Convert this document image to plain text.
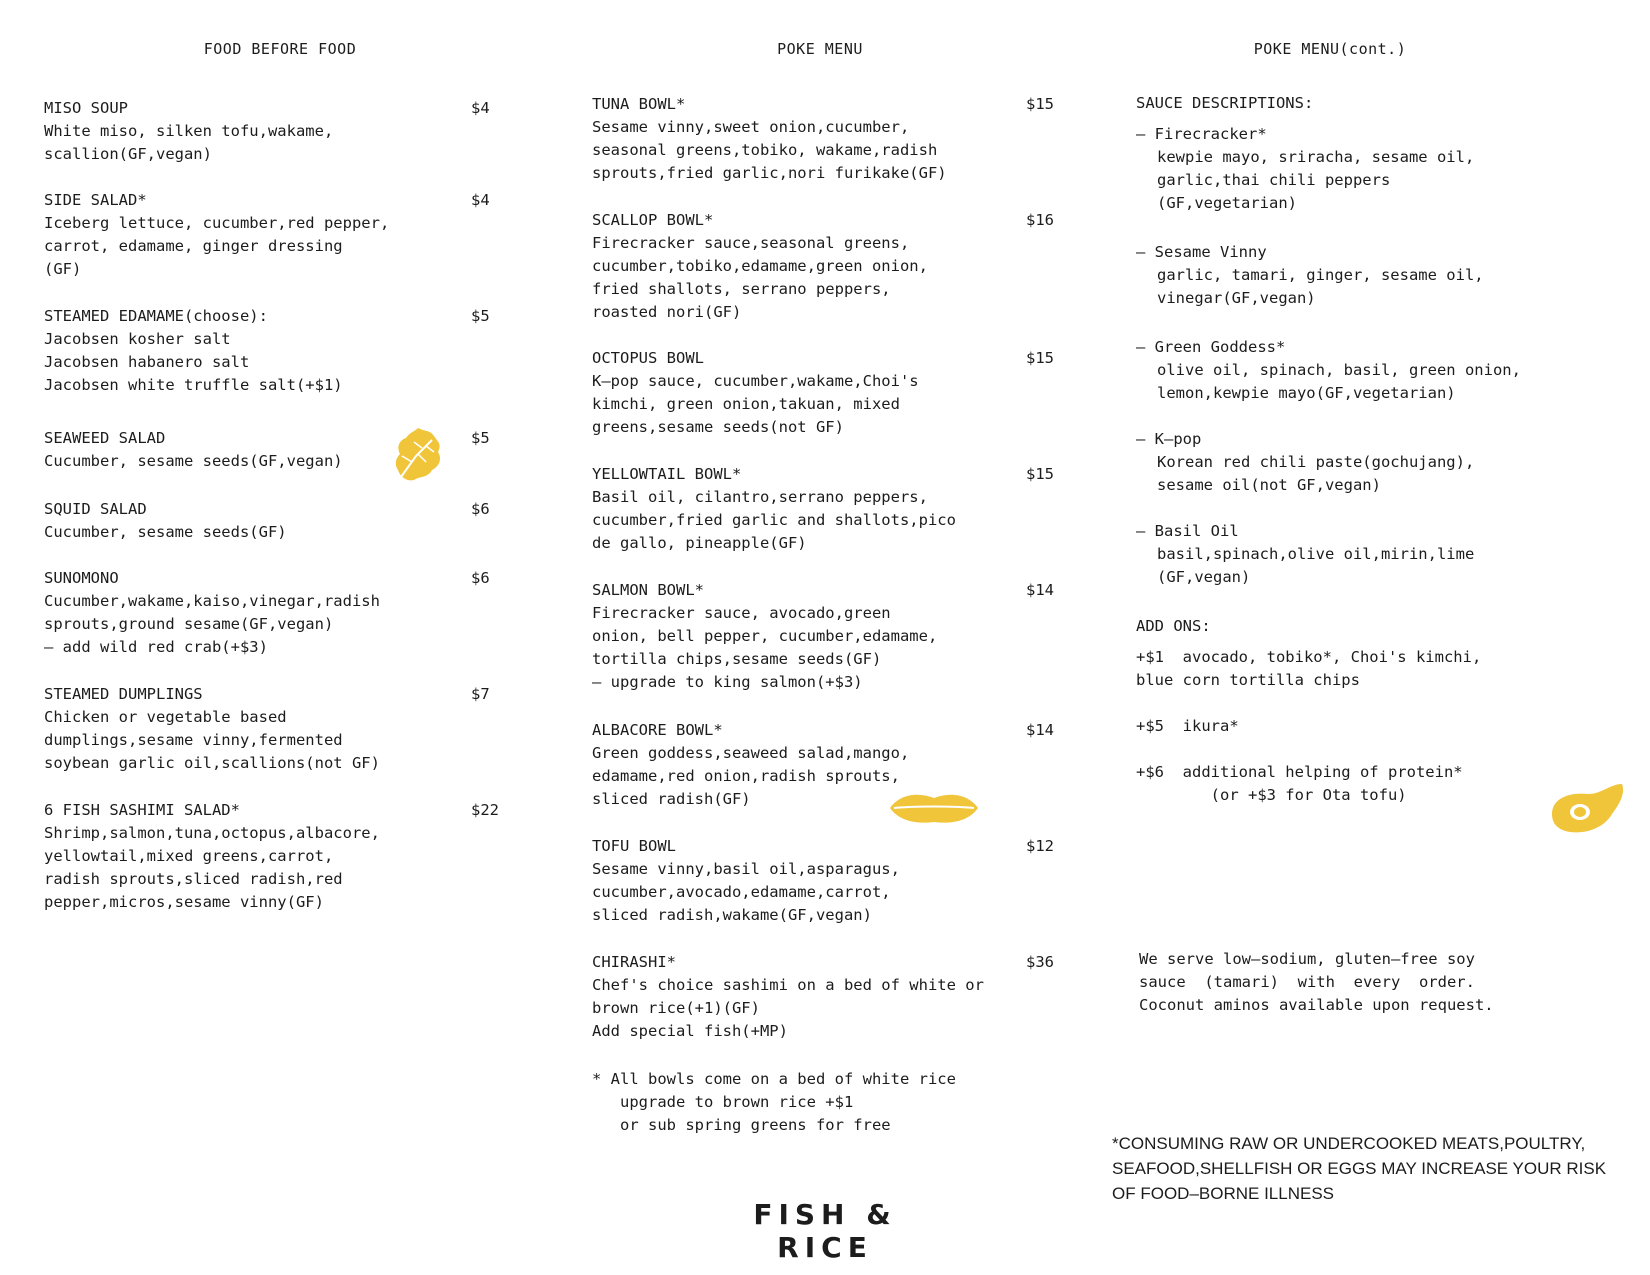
FOOD BEFORE FOOD	POKE MENU	POKE MENU(cont.)
MISO SOUP
White miso, silken tofu,wakame,
scallion(GF,vegan)
$4
SIDE SALAD*
Iceberg lettuce, cucumber,red pepper,
carrot, edamame, ginger dressing
(GF)
$4
STEAMED EDAMAME(choose):
Jacobsen kosher salt
Jacobsen habanero salt
Jacobsen white truffle salt(+$1)
$5
SEAWEED SALAD
Cucumber, sesame seeds(GF,vegan)
$5
SQUID SALAD
Cucumber, sesame seeds(GF)
$6
SUNOMONO
Cucumber,wakame,kaiso,vinegar,radish
sprouts,ground sesame(GF,vegan)
– add wild red crab(+$3)
$6
STEAMED DUMPLINGS
Chicken or vegetable based
dumplings,sesame vinny,fermented
soybean garlic oil,scallions(not GF)
$7
6 FISH SASHIMI SALAD*
Shrimp,salmon,tuna,octopus,albacore,
yellowtail,mixed greens,carrot,
radish sprouts,sliced radish,red
pepper,micros,sesame vinny(GF)
$22
TUNA BOWL*
Sesame vinny,sweet onion,cucumber,
seasonal greens,tobiko, wakame,radish
sprouts,fried garlic,nori furikake(GF)
$15
SCALLOP BOWL*
Firecracker sauce,seasonal greens,
cucumber,tobiko,edamame,green onion,
fried shallots, serrano peppers,
roasted nori(GF)
$16
OCTOPUS BOWL
K–pop sauce, cucumber,wakame,Choi's
kimchi, green onion,takuan, mixed
greens,sesame seeds(not GF)
$15
YELLOWTAIL BOWL*
Basil oil, cilantro,serrano peppers,
cucumber,fried garlic and shallots,pico
de gallo, pineapple(GF)
$15
SALMON BOWL*
Firecracker sauce, avocado,green
onion, bell pepper, cucumber,edamame,
tortilla chips,sesame seeds(GF)
– upgrade to king salmon(+$3)
$14
ALBACORE BOWL*
Green goddess,seaweed salad,mango,
edamame,red onion,radish sprouts,
sliced radish(GF)
$14
TOFU BOWL
Sesame vinny,basil oil,asparagus,
cucumber,avocado,edamame,carrot,
sliced radish,wakame(GF,vegan)
$12
CHIRASHI*
Chef's choice sashimi on a bed of white or
brown rice(+1)(GF)
Add special fish(+MP)
$36
* All bowls come on a bed of white rice
upgrade to brown rice +$1
or sub spring greens for free
SAUCE DESCRIPTIONS:
– Firecracker*
kewpie mayo, sriracha, sesame oil,
garlic,thai chili peppers
(GF,vegetarian)
– Sesame Vinny
garlic, tamari, ginger, sesame oil,
vinegar(GF,vegan)
– Green Goddess*
olive oil, spinach, basil, green onion,
lemon,kewpie mayo(GF,vegetarian)
– K–pop
Korean red chili paste(gochujang),
sesame oil(not GF,vegan)
– Basil Oil
basil,spinach,olive oil,mirin,lime
(GF,vegan)
ADD ONS:
+$1  avocado, tobiko*, Choi's kimchi,
blue corn tortilla chips
+$5  ikura*
+$6  additional helping of protein*
(or +$3 for Ota tofu)
We serve low–sodium, gluten–free soy
sauce  (tamari)  with  every  order.
Coconut aminos available upon request.
*CONSUMING RAW OR UNDERCOOKED MEATS,POULTRY,
SEAFOOD,SHELLFISH OR EGGS MAY INCREASE YOUR RISK
OF FOOD–BORNE ILLNESS
FISH & RICE
